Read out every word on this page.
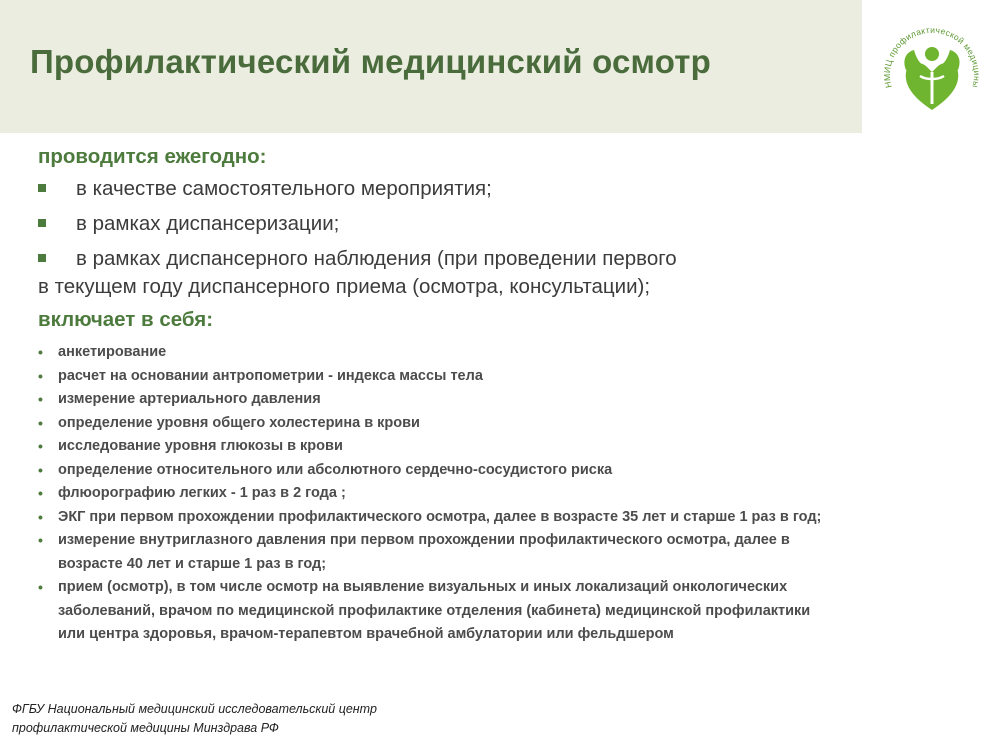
Профилактический медицинский осмотр
НМИЦ профилактической медицины
проводится ежегодно:
в качестве самостоятельного мероприятия;
в рамках диспансеризации;
в рамках диспансерного наблюдения (при проведении первого
в текущем году диспансерного приема (осмотра, консультации);
включает в себя:
• анкетирование
• расчет на основании антропометрии - индекса массы тела
• измерение артериального давления
• определение уровня общего холестерина в крови
• исследование уровня глюкозы в крови
• определение относительного или абсолютного сердечно-сосудистого риска
• флюорографию легких - 1 раз в 2 года ;
• ЭКГ при первом прохождении профилактического осмотра, далее в возрасте 35 лет и старше 1 раз в год;
• измерение внутриглазного давления при первом прохождении профилактического осмотра, далее в
возрасте 40 лет и старше 1 раз в год;
• прием (осмотр), в том числе осмотр на выявление визуальных и иных локализаций онкологических
заболеваний, врачом по медицинской профилактике отделения (кабинета) медицинской профилактики
или центра здоровья, врачом-терапевтом врачебной амбулатории или фельдшером
ФГБУ Национальный медицинский исследовательский центр
профилактической медицины Минздрава РФ
